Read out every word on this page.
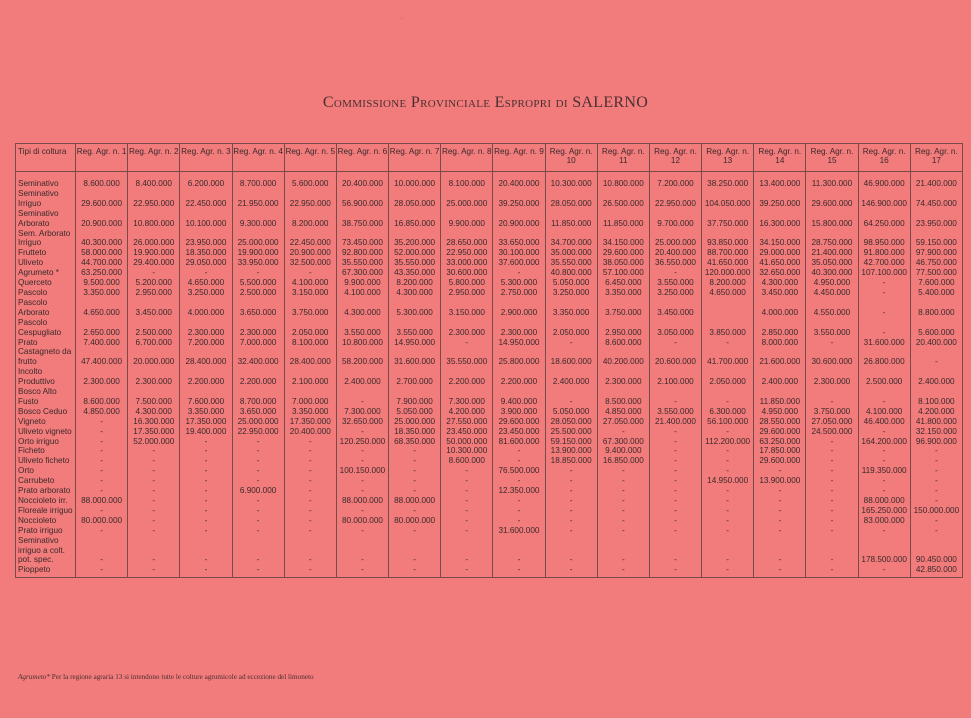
`
Commissione Provinciale Espropri di SALERNO
Tipi di coltura	Reg. Agr. n. 1	Reg. Agr. n. 2	Reg. Agr. n. 3	Reg. Agr. n. 4	Reg. Agr. n. 5	Reg. Agr. n. 6	Reg. Agr. n. 7	Reg. Agr. n. 8	Reg. Agr. n. 9	Reg. Agr. n. 10	Reg. Agr. n. 11	Reg. Agr. n. 12	Reg. Agr. n. 13	Reg. Agr. n. 14	Reg. Agr. n. 15	Reg. Agr. n. 16	Reg. Agr. n. 17
Seminativo	8.600.000	8.400.000	6.200.000	8.700.000	5.600.000	20.400.000	10.000.000	8.100.000	20.400.000	10.300.000	10.800.000	7.200.000	38.250.000	13.400.000	11.300.000	46.900.000	21.400.000
Seminativo Irriguo	29.600.000	22.950.000	22.450.000	21.950.000	22.950.000	56.900.000	28.050.000	25.000.000	39.250.000	28.050.000	26.500.000	22.950.000	104.050.000	39.250.000	29.600.000	146.900.000	74.450.000
Seminativo Arborato	20.900.000	10.800.000	10.100.000	9.300.000	8.200.000	38.750.000	16.850.000	9.900.000	20.900.000	11.850.000	11.850.000	9.700.000	37.750.000	16.300.000	15.800.000	64.250.000	23.950.000
Sem. Arborato Irriguo	40.300.000	26.000.000	23.950.000	25.000.000	22.450.000	73.450.000	35.200.000	28.650.000	33.650.000	34.700.000	34.150.000	25.000.000	93.850.000	34.150.000	28.750.000	98.950.000	59.150.000
Frutteto	58.000.000	19.900.000	18.350.000	19.900.000	20.900.000	92.800.000	52.000.000	22.950.000	30.100.000	35.000.000	29.600.000	20.400.000	88.700.000	29.000.000	21.400.000	91.800.000	97.900.000
Uliveto	44.700.000	29.400.000	29.050.000	33.950.000	32.500.000	35.550.000	35.550.000	33.000.000	37.600.000	35.550.000	38.050.000	36.550.000	41.650.000	41.650.000	35.050.000	42.700.000	46.750.000
Agrumeto *	63.250.000	-	-	-	-	67.300.000	43.350.000	30.600.000	-	40.800.000	57.100.000	-	120.000.000	32.650.000	40.300.000	107.100.000	77.500.000
Querceto	9.500.000	5.200.000	4.650.000	5.500.000	4.100.000	9.900.000	8.200.000	5.800.000	5.300.000	5.050.000	6.450.000	3.550.000	8.200.000	4.300.000	4.950.000	-	7.600.000
Pascolo	3.350.000	2.950.000	3.250.000	2.500.000	3.150.000	4.100.000	4.300.000	2.950.000	2.750.000	3.250.000	3.350.000	3.250.000	4.650.000	3.450.000	4.450.000	-	5.400.000
Pascolo Arborato	4.650.000	3.450.000	4.000.000	3.650.000	3.750.000	4.300.000	5.300.000	3.150.000	2.900.000	3.350.000	3.750.000	3.450.000		4.000.000	4.550.000	-	8.800.000
Pascolo Cespugliato	2.650.000	2.500.000	2.300.000	2.300.000	2.050.000	3.550.000	3.550.000	2.300.000	2.300.000	2.050.000	2.950.000	3.050.000	3.850.000	2.850.000	3.550.000	-	5.600.000
Prato	7.400.000	6.700.000	7.200.000	7.000.000	8.100.000	10.800.000	14.950.000	-	14.950.000	-	8.600.000	-	-	8.000.000	-	31.600.000	20.400.000
Castagneto da frutto	47.400.000	20.000.000	28.400.000	32.400.000	28.400.000	58.200.000	31.600.000	35.550.000	25.800.000	18.600.000	40.200.000	20.600.000	41.700.000	21.600.000	30.600.000	26.800.000	-
Incolto Produttivo	2.300.000	2.300.000	2.200.000	2.200.000	2.100.000	2.400.000	2.700.000	2.200.000	2.200.000	2.400.000	2.300.000	2.100.000	2.050.000	2.400.000	2.300.000	2.500.000	2.400.000
Bosco Alto Fusto	8.600.000	7.500.000	7.600.000	8.700.000	7.000.000	-	7.900.000	7.300.000	9.400.000	-	8.500.000	-	-	11.850.000	-	-	8.100.000
Bosco Ceduo	4.850.000	4.300.000	3.350.000	3.650.000	3.350.000	7.300.000	5.050.000	4.200.000	3.900.000	5.050.000	4.850.000	3.550.000	6.300.000	4.950.000	3.750.000	4.100.000	4.200.000
Vigneto	-	16.300.000	17.350.000	25.000.000	17.350.000	32.650.000	25.000.000	27.550.000	29.600.000	28.050.000	27.050.000	21.400.000	56.100.000	28.550.000	27.050.000	46.400.000	41.800.000
Uliveto vigneto	-	17.350.000	19.400.000	22.950.000	20.400.000	-	18.350.000	23.450.000	23.450.000	25.500.000	-	-	-	29.600.000	24.500.000	-	32.150.000
Orto irriguo	-	52.000.000	-	-	-	120.250.000	68.350.000	50.000.000	81.600.000	59.150.000	67.300.000	-	112.200.000	63.250.000	-	164.200.000	96.900.000
Ficheto	-	-	-	-	-	-	-	10.300.000	-	13.900.000	9.400.000	-	-	17.850.000	-	-	-
Uliveto ficheto	-	-	-	-	-	-	-	8.600.000	-	18.850.000	16.850.000	-	-	29.600.000	-	-	-
Orto	-	-	-	-	-	100.150.000	-	-	76.500.000	-	-	-	-	-	-	119.350.000	-
Carrubeto	-	-	-	-	-	-	-	-	-	-	-	-	14.950.000	13.900.000	-	-	-
Prato arborato	-	-	-	6.900.000	-	-	-	-	12.350.000	-	-	-	-	-	-	-	-
Noccioleto irr.	88.000.000	-	-	-	-	88.000.000	88.000.000	-	-	-	-	-	-	-	-	88.000.000	-
Floreale irriguo	-	-	-	-	-	-	-	-	-	-	-	-	-	-	-	165.250.000	150.000.000
Noccioleto	80.000.000	-	-	-	-	80.000.000	80.000.000	-	-	-	-	-	-	-	-	83.000.000	-
Prato irriguo	-	-	-	-	-	-	-	-	31.600.000	-	-	-	-	-	-	-	-
Seminativo irriguo a colt. pot. spec.	-	-	-	-	-	-	-	-	-	-	-	-	-	-	-	178.500.000	90.450.000
Pioppeto	-	-	-	-	-	-	-	-	-	-	-	-	-	-	-	-	42.850.000
Agrumeto* Per la regione agraria 13 si intendono tutte le colture agrumicole ad eccezione del limoneto
